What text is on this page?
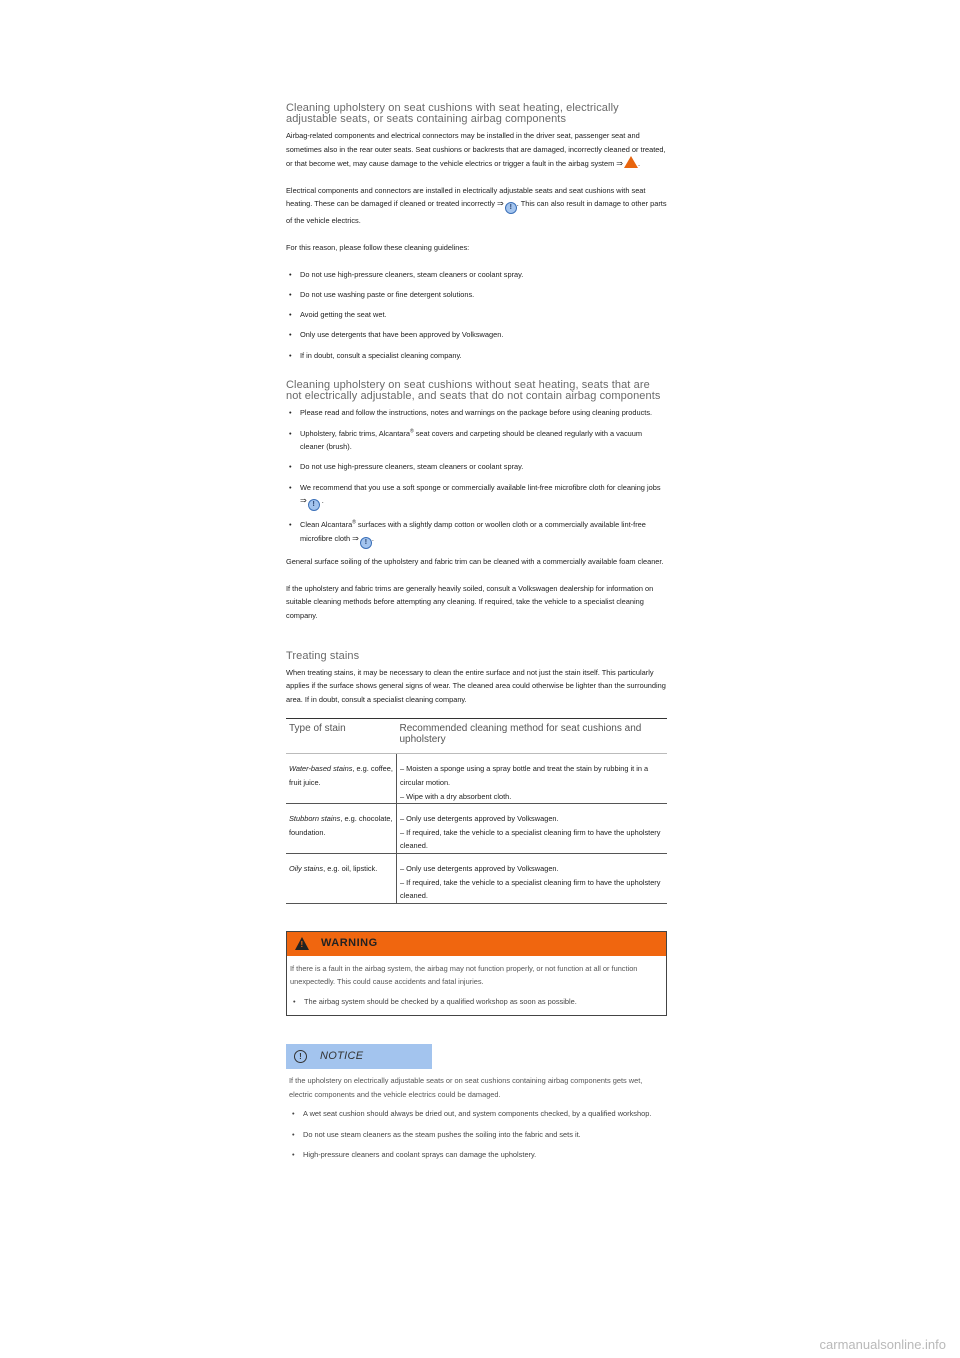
Cleaning upholstery on seat cushions with seat heating, electrically adjustable seats, or seats containing airbag components

Airbag-related components and electrical connectors may be installed in the driver seat, passenger seat and sometimes also in the rear outer seats. Seat cushions or backrests that are damaged, incorrectly cleaned or treated, or that become wet, may cause damage to the vehicle electrics or trigger a fault in the airbag system ⇒ .

Electrical components and connectors are installed in electrically adjustable seats and seat cushions with seat heating. These can be damaged if cleaned or treated incorrectly ⇒ ! . This can also result in damage to other parts of the vehicle electrics.

For this reason, please follow these cleaning guidelines:

• Do not use high-pressure cleaners, steam cleaners or coolant spray.
• Do not use washing paste or fine detergent solutions.
• Avoid getting the seat wet.
• Only use detergents that have been approved by Volkswagen.
• If in doubt, consult a specialist cleaning company.
Cleaning upholstery on seat cushions without seat heating, seats that are not electrically adjustable, and seats that do not contain airbag components
• Please read and follow the instructions, notes and warnings on the package before using cleaning products.
• Upholstery, fabric trims, Alcantara® seat covers and carpeting should be cleaned regularly with a vacuum cleaner (brush).
• Do not use high-pressure cleaners, steam cleaners or coolant spray.
• We recommend that you use a soft sponge or commercially available lint-free microfibre cloth for cleaning jobs ⇒ ! .
• Clean Alcantara® surfaces with a slightly damp cotton or woollen cloth or a commercially available lint-free microfibre cloth ⇒ ! .

General surface soiling of the upholstery and fabric trim can be cleaned with a commercially available foam cleaner.

If the upholstery and fabric trims are generally heavily soiled, consult a Volkswagen dealership for information on suitable cleaning methods before attempting any cleaning. If required, take the vehicle to a specialist cleaning company.

Treating stains

When treating stains, it may be necessary to clean the entire surface and not just the stain itself. This particularly applies if the surface shows general signs of wear. The cleaned area could otherwise be lighter than the surrounding area. If in doubt, consult a specialist cleaning company.

Type of stain	Recommended cleaning method for seat cushions and upholstery
Water-based stains, e.g. coffee, fruit juice.	– Moisten a sponge using a spray bottle and treat the stain by rubbing it in a circular motion.
– Wipe with a dry absorbent cloth.
Stubborn stains, e.g. chocolate, foundation.	– Only use detergents approved by Volkswagen.
– If required, take the vehicle to a specialist cleaning firm to have the upholstery cleaned.
Oily stains, e.g. oil, lipstick.	– Only use detergents approved by Volkswagen.
– If required, take the vehicle to a specialist cleaning firm to have the upholstery cleaned.
!
WARNING

If there is a fault in the airbag system, the airbag may not function properly, or not function at all or function unexpectedly. This could cause accidents and fatal injuries.

• The airbag system should be checked by a qualified workshop as soon as possible.
!	NOTICE

If the upholstery on electrically adjustable seats or on seat cushions containing airbag components gets wet, electric components and the vehicle electrics could be damaged.

• A wet seat cushion should always be dried out, and system components checked, by a qualified workshop.
• Do not use steam cleaners as the steam pushes the soiling into the fabric and sets it.
• High-pressure cleaners and coolant sprays can damage the upholstery.
carmanualsonline.info
